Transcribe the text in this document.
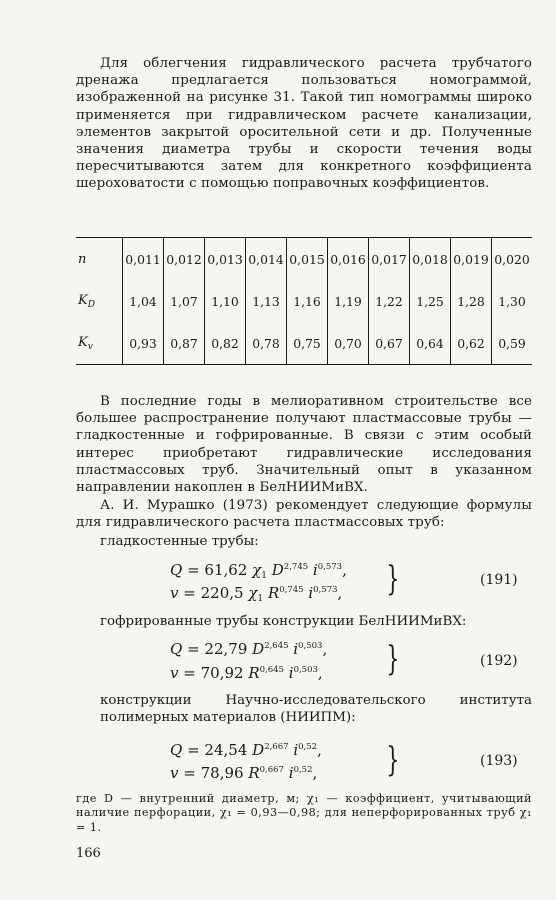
Для облегчения гидравлического расчета трубчатого дренажа предлагается пользоваться номограммой, изображенной на рисунке 31. Такой тип номограммы широко применяется при гидравлическом расчете канализации, элементов закрытой оросительной сети и др. Полученные значения диаметра трубы и скорости течения воды пересчитываются затем для конкретного коэффициента шероховатости с помощью поправочных коэффициентов.

n	0,011	0,012	0,013	0,014	0,015	0,016	0,017	0,018	0,019	0,020
$K_D$	1,04	1,07	1,10	1,13	1,16	1,19	1,22	1,25	1,28	1,30
$K_v$	0,93	0,87	0,82	0,78	0,75	0,70	0,67	0,64	0,62	0,59

В последние годы в мелиоративном строительстве все большее распространение получают пластмассовые трубы — гладкостенные и гофрированные. В связи с этим особый интерес приобретают гидравлические исследования пластмассовых труб. Значительный опыт в указанном направлении накоплен в БелНИИМиВХ.

А. И. Мурашко (1973) рекомендует следующие формулы для гидравлического расчета пластмассовых труб:

гладкостенные трубы:
Q = 61,62 $\chi_1$ D$^{2,745}$ $i^{0,573}$,
v = 220,5 $\chi_1$ R$^{0,745}$ $i^{0,573}$, }	(191)
гофрированные трубы конструкции БелНИИМиВХ:
Q = 22,79 D$^{2,645}$ $i^{0,503}$,
v = 70,92 R$^{0,645}$ $i^{0,503}$, }	(192)
конструкции Научно-исследовательского института полимерных материалов (НИИПМ):
Q = 24,54 D$^{2,667}$ $i^{0,52}$,
v = 78,96 R$^{0,667}$ $i^{0,52}$, }	(193)

где D — внутренний диаметр, м; χ₁ — коэффициент, учитывающий наличие перфорации, χ₁ = 0,93—0,98; для неперфорированных труб χ₁ = 1.

166
